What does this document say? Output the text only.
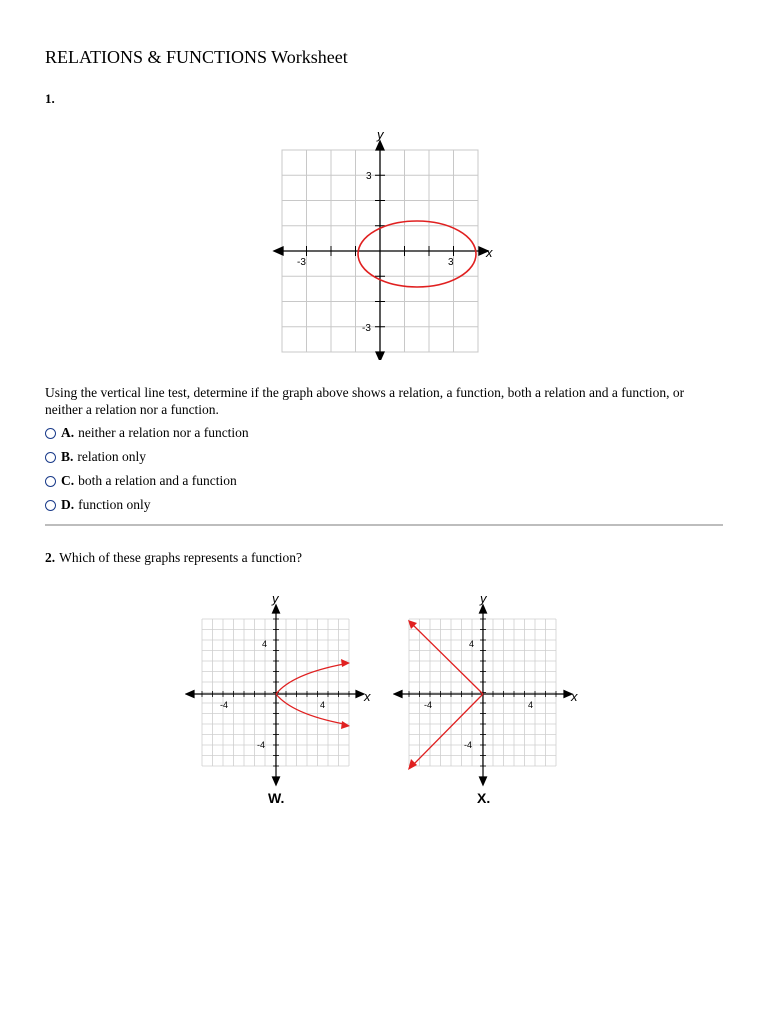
RELATIONS & FUNCTIONS Worksheet
1.
y
x
-3	3
3
-3
Using the vertical line test, determine if the graph above shows a relation, a function, both a relation and a function, or neither a relation nor a function.
A. neither a relation nor a function
B. relation only
C. both a relation and a function
D. function only
2. Which of these graphs represents a function?
y
x
-4	4
4
-4
W.
y
x
-4	4
4
-4
X.
